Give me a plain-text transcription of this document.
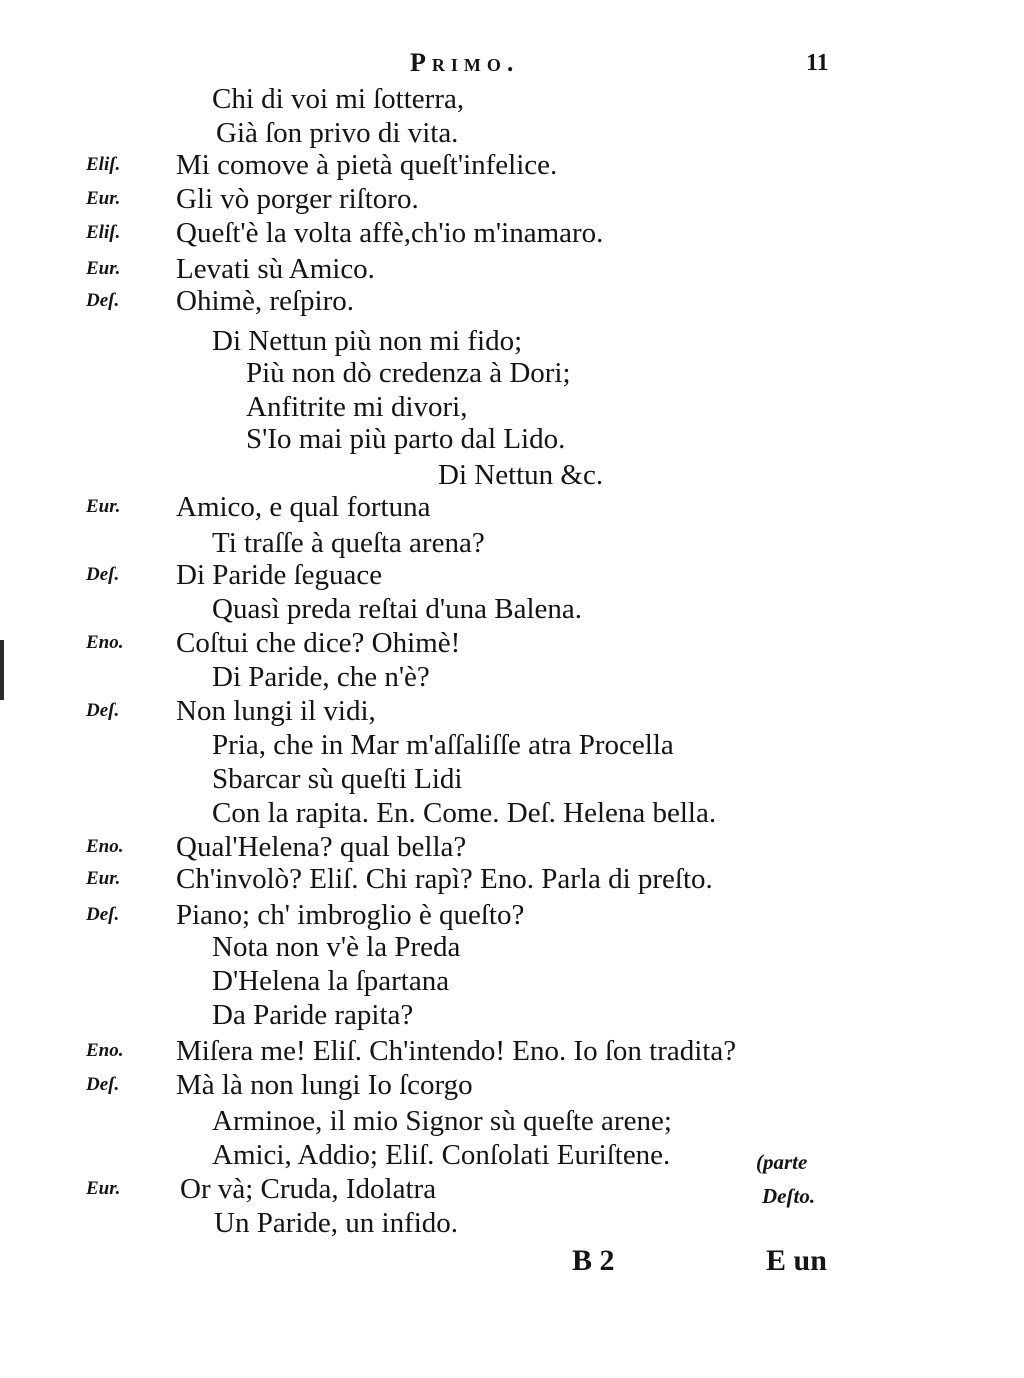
Primo.	11
Chi di voi mi ſotterra,
Già ſon privo di vita.
Eliſ. Mi comove à pietà queſt'infelice.
Eur. Gli vò porger riſtoro.
Eliſ. Queſt'è la volta affè,ch'io m'inamaro.
Eur. Levati sù Amico.
Deſ. Ohimè, reſpiro.
Di Nettun più non mi fido;
Più non dò credenza à Dori;
Anfitrite mi divori,
S'Io mai più parto dal Lido.
Di Nettun &c.
Eur. Amico, e qual fortuna
Ti traſſe à queſta arena?
Deſ. Di Paride ſeguace
Quasì preda reſtai d'una Balena.
Eno. Coſtui che dice? Ohimè!
Di Paride, che n'è?
Deſ. Non lungi il vidi,
Pria, che in Mar m'aſſaliſſe atra Procella
Sbarcar sù queſti Lidi
Con la rapita. En. Come. Deſ. Helena bella.
Eno. Qual'Helena? qual bella?
Eur. Ch'involò? Eliſ. Chi rapì? Eno. Parla di preſto.
Deſ. Piano; ch' imbroglio è queſto?
Nota non v'è la Preda
D'Helena la ſpartana
Da Paride rapita?
Eno. Miſera me! Eliſ. Ch'intendo! Eno. Io ſon tradita?
Deſ. Mà là non lungi Io ſcorgo
Arminoe, il mio Signor sù queſte arene;
Amici, Addio; Eliſ. Conſolati Euriſtene.
Eur. Or và; Cruda, Idolatra
Un Paride, un infido.
(parte
Deſto.
B 2	E un
